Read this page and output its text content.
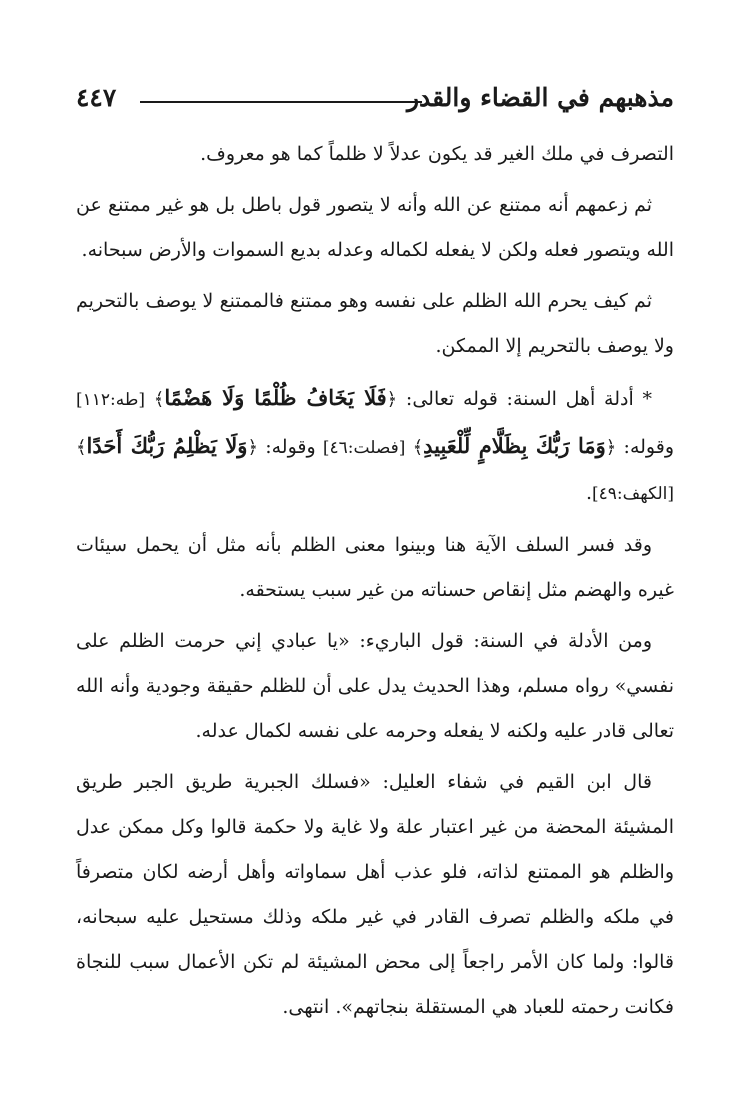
مذهبهم في القضاء والقدر
٤٤٧

التصرف في ملك الغير قد يكون عدلاً لا ظلماً كما هو معروف.

ثم زعمهم أنه ممتنع عن الله وأنه لا يتصور قول باطل بل هو غير ممتنع عن الله ويتصور فعله ولكن لا يفعله لكماله وعدله بديع السموات والأرض سبحانه.

ثم كيف يحرم الله الظلم على نفسه وهو ممتنع فالممتنع لا يوصف بالتحريم ولا يوصف بالتحريم إلا الممكن.

* أدلة أهل السنة: قوله تعالى: ﴿فَلَا يَخَافُ ظُلْمًا وَلَا هَضْمًا﴾ [طه:١١٢] وقوله: ﴿وَمَا رَبُّكَ بِظَلَّامٍ لِّلْعَبِيدِ﴾ [فصلت:٤٦] وقوله: ﴿وَلَا يَظْلِمُ رَبُّكَ أَحَدًا﴾ [الكهف:٤٩].

وقد فسر السلف الآية هنا وبينوا معنى الظلم بأنه مثل أن يحمل سيئات غيره والهضم مثل إنقاص حسناته من غير سبب يستحقه.

ومن الأدلة في السنة: قول الباريء: «يا عبادي إني حرمت الظلم على نفسي» رواه مسلم، وهذا الحديث يدل على أن للظلم حقيقة وجودية وأنه الله تعالى قادر عليه ولكنه لا يفعله وحرمه على نفسه لكمال عدله.

قال ابن القيم في شفاء العليل: «فسلك الجبرية طريق الجبر طريق المشيئة المحضة من غير اعتبار علة ولا غاية ولا حكمة قالوا وكل ممكن عدل والظلم هو الممتنع لذاته، فلو عذب أهل سماواته وأهل أرضه لكان متصرفاً في ملكه والظلم تصرف القادر في غير ملكه وذلك مستحيل عليه سبحانه، قالوا: ولما كان الأمر راجعاً إلى محض المشيئة لم تكن الأعمال سبب للنجاة فكانت رحمته للعباد هي المستقلة بنجاتهم». انتهى.
